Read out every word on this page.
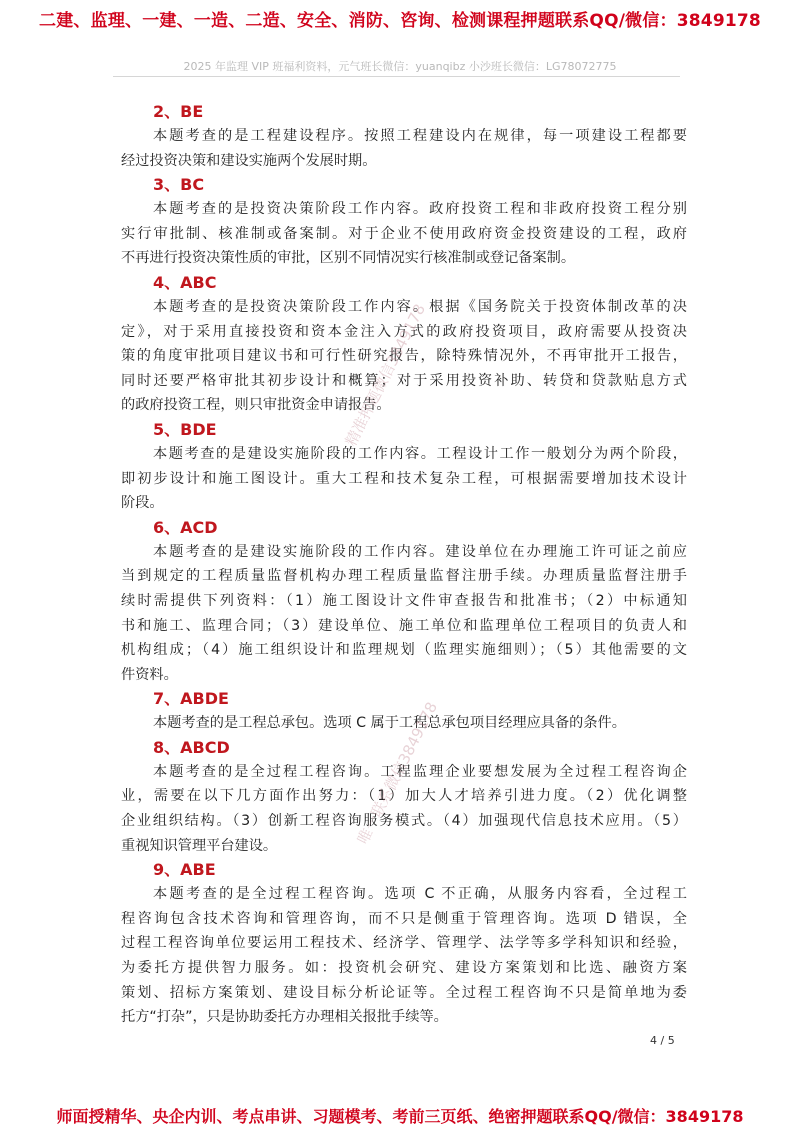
二建、监理、一建、一造、二造、安全、消防、咨询、检测课程押题联系QQ/微信：3849178
2025 年监理 VIP 班福利资料，元气班长微信：yuanqibz 小沙班长微信：LG78072775
2、BE
本题考查的是工程建设程序。按照工程建设内在规律，每一项建设工程都要
经过投资决策和建设实施两个发展时期。
3、BC
本题考查的是投资决策阶段工作内容。政府投资工程和非政府投资工程分别
实行审批制、核准制或备案制。对于企业不使用政府资金投资建设的工程，政府
不再进行投资决策性质的审批，区别不同情况实行核准制或登记备案制。
4、ABC
本题考查的是投资决策阶段工作内容。根据《国务院关于投资体制改革的决
定》，对于采用直接投资和资本金注入方式的政府投资项目，政府需要从投资决
策的角度审批项目建议书和可行性研究报告，除特殊情况外，不再审批开工报告，
同时还要严格审批其初步设计和概算；对于采用投资补助、转贷和贷款贴息方式
的政府投资工程，则只审批资金申请报告。
5、BDE
本题考查的是建设实施阶段的工作内容。工程设计工作一般划分为两个阶段，
即初步设计和施工图设计。重大工程和技术复杂工程，可根据需要增加技术设计
阶段。
6、ACD
本题考查的是建设实施阶段的工作内容。建设单位在办理施工许可证之前应
当到规定的工程质量监督机构办理工程质量监督注册手续。办理质量监督注册手
续时需提供下列资料：（1）施工图设计文件审查报告和批准书；（2）中标通知
书和施工、监理合同；（3）建设单位、施工单位和监理单位工程项目的负责人和
机构组成；（4）施工组织设计和监理规划（监理实施细则）；（5）其他需要的文
件资料。
7、ABDE
本题考查的是工程总承包。选项 C 属于工程总承包项目经理应具备的条件。
8、ABCD
本题考查的是全过程工程咨询。工程监理企业要想发展为全过程工程咨询企
业，需要在以下几方面作出努力：（1）加大人才培养引进力度。（2）优化调整
企业组织结构。（3）创新工程咨询服务模式。（4）加强现代信息技术应用。（5）
重视知识管理平台建设。
9、ABE
本题考查的是全过程工程咨询。选项 C 不正确，从服务内容看，全过程工
程咨询包含技术咨询和管理咨询，而不只是侧重于管理咨询。选项 D 错误，全
过程工程咨询单位要运用工程技术、经济学、管理学、法学等多学科知识和经验，
为委托方提供智力服务。如：投资机会研究、建设方案策划和比选、融资方案
策划、招标方案策划、建设目标分析论证等。全过程工程咨询不只是简单地为委
托方“打杂”，只是协助委托方办理相关报批手续等。
精准押题微信3849178
唯一联系微信3849178
4 / 5
师面授精华、央企内训、考点串讲、习题模考、考前三页纸、绝密押题联系QQ/微信：3849178
